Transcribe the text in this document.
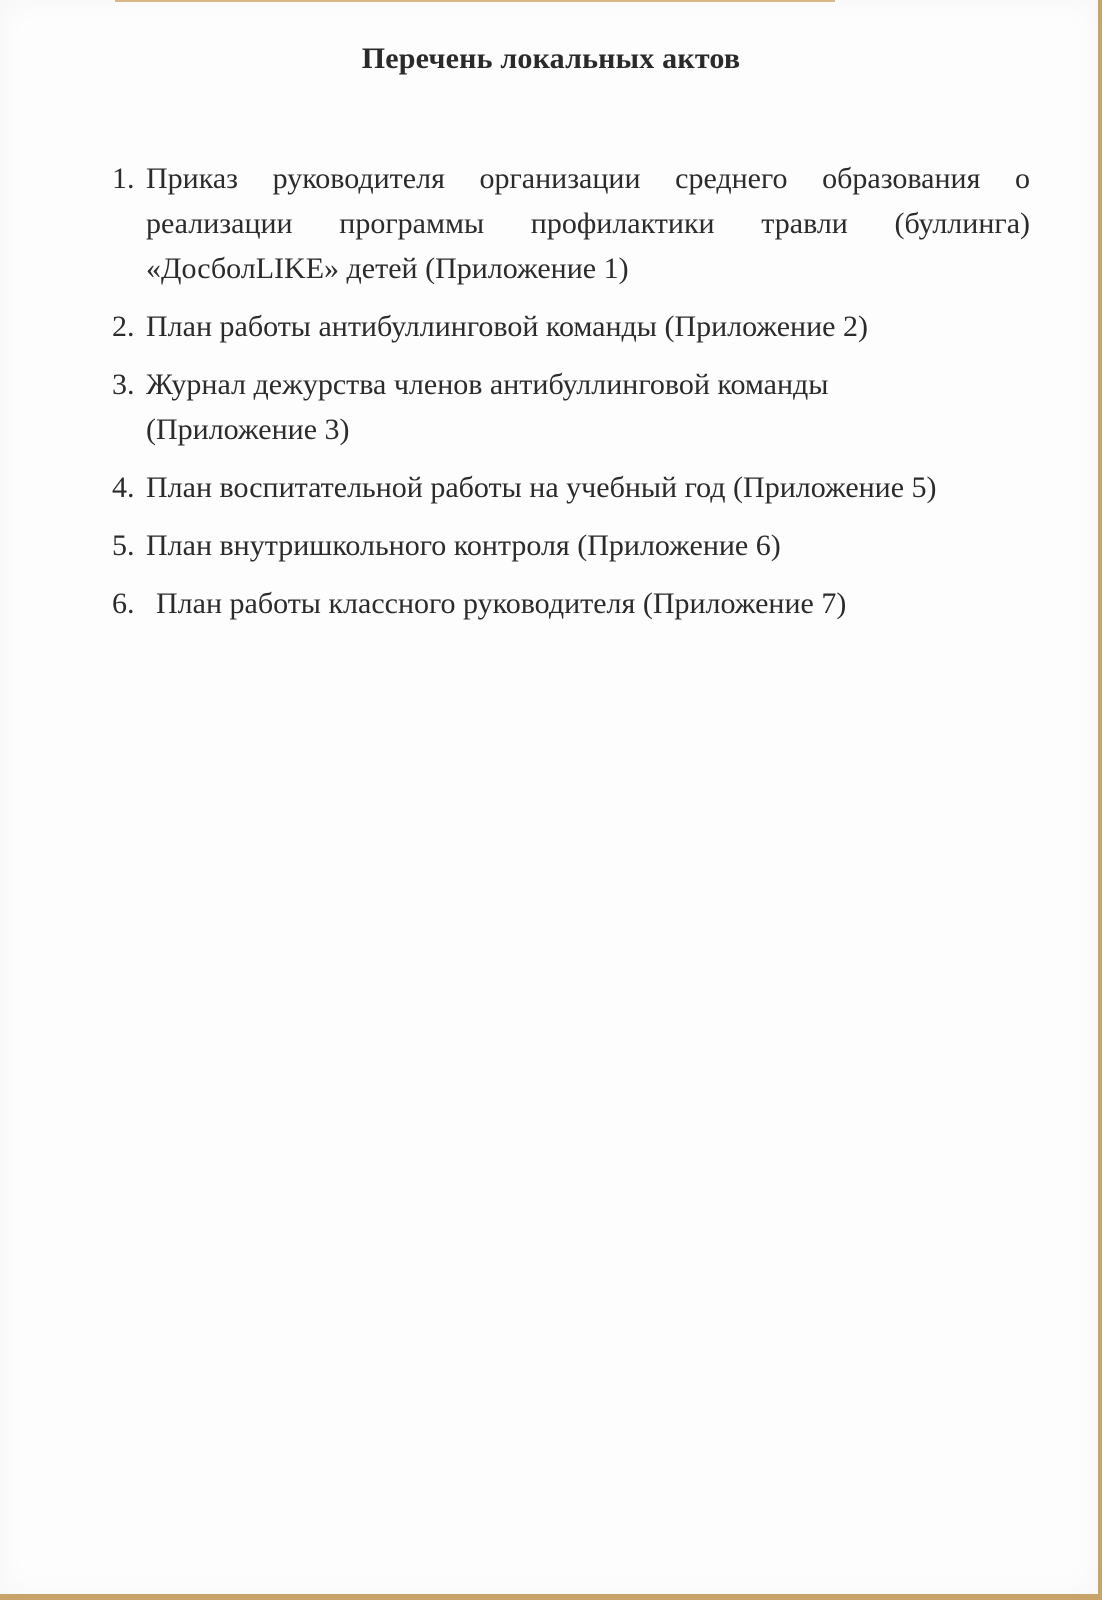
Перечень локальных актов
1. Приказ руководителя организации среднего образования о реализации программы профилактики травли (буллинга) «ДосболLIKE» детей (Приложение 1)
2. План работы антибуллинговой команды (Приложение 2)
3. Журнал дежурства членов антибуллинговой команды (Приложение 3)
4. План воспитательной работы на учебный год (Приложение 5)
5. План внутришкольного контроля (Приложение 6)
6. План работы классного руководителя (Приложение 7)
